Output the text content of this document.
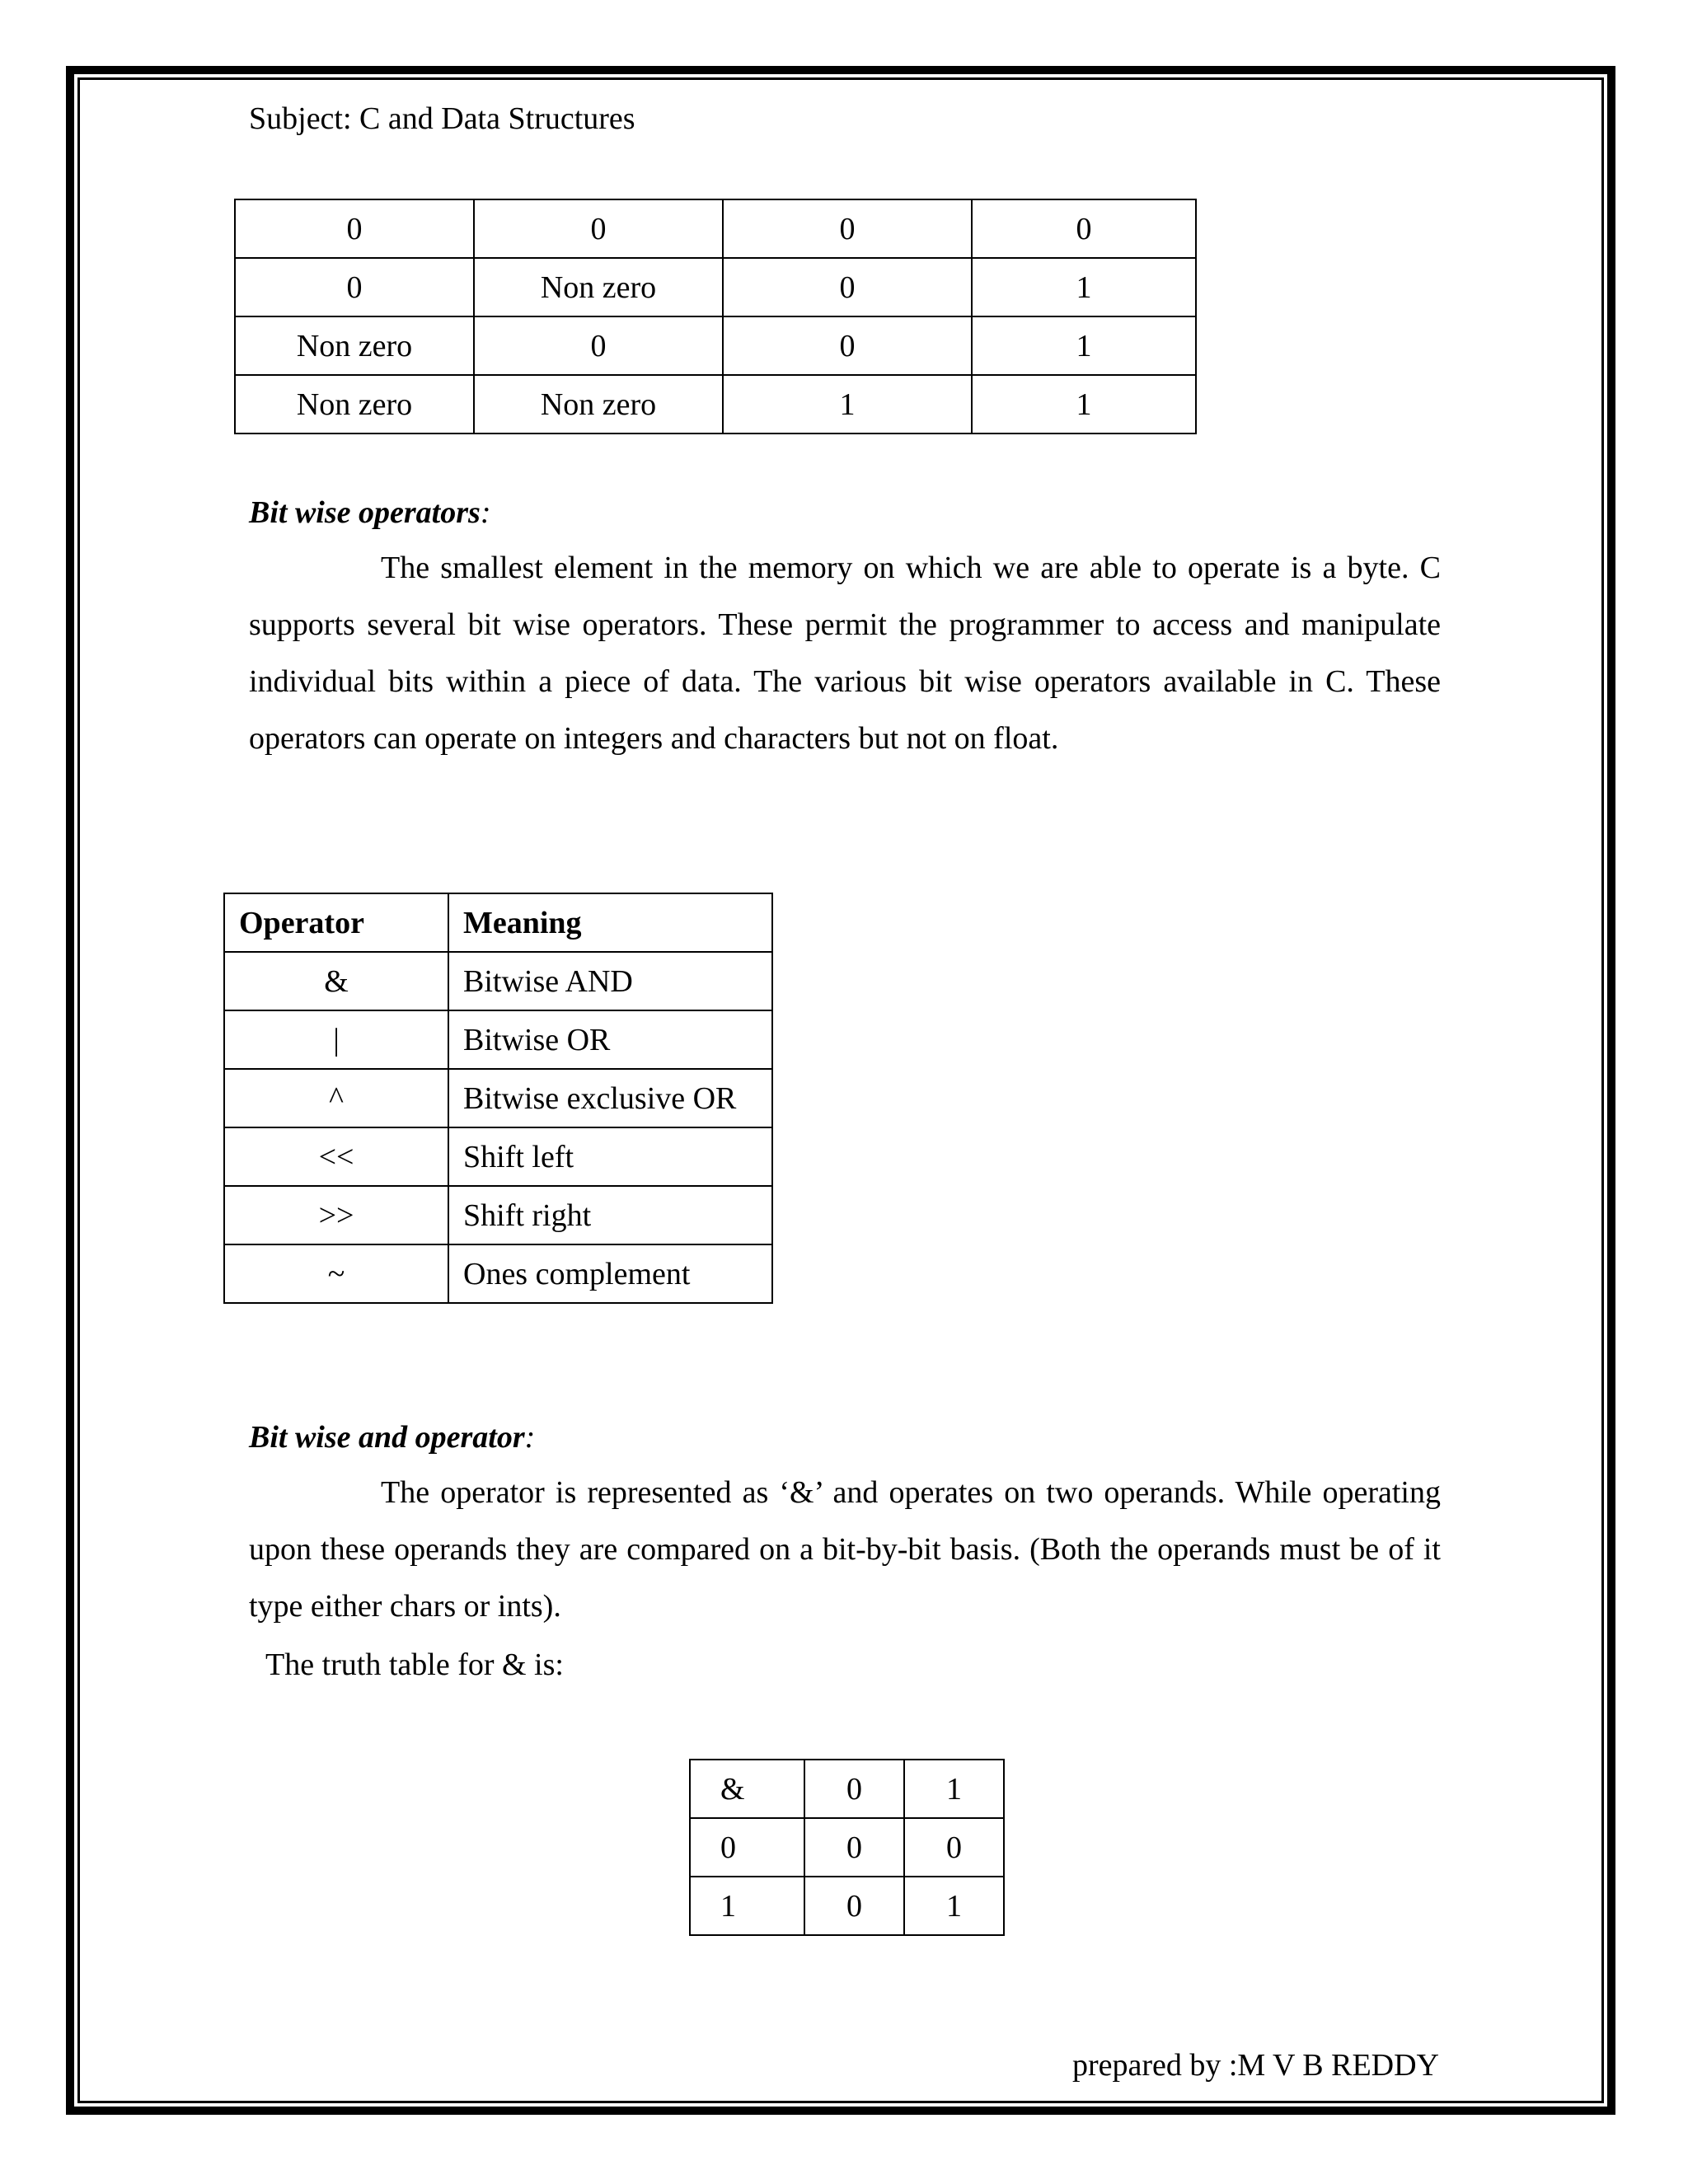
Subject: C and Data Structures
0	0	0	0
0	Non zero	0	1
Non zero	0	0	1
Non zero	Non zero	1	1
Bit wise operators:

The smallest element in the memory on which we are able to operate is a byte. C supports several bit wise operators. These permit the programmer to access and manipulate individual bits within a piece of data. The various bit wise operators available in C. These operators can operate on integers and characters but not on float.

Operator	Meaning
&	Bitwise AND
|	Bitwise OR
^	Bitwise exclusive OR
<<	Shift left
>>	Shift right
~	Ones complement
Bit wise and operator:

The operator is represented as ‘&’ and operates on two operands. While operating upon these operands they are compared on a bit-by-bit basis. (Both the operands must be of it type either chars or ints).

The truth table for & is:
&	0	1
0	0	0
1	0	1
prepared by :M V B REDDY
